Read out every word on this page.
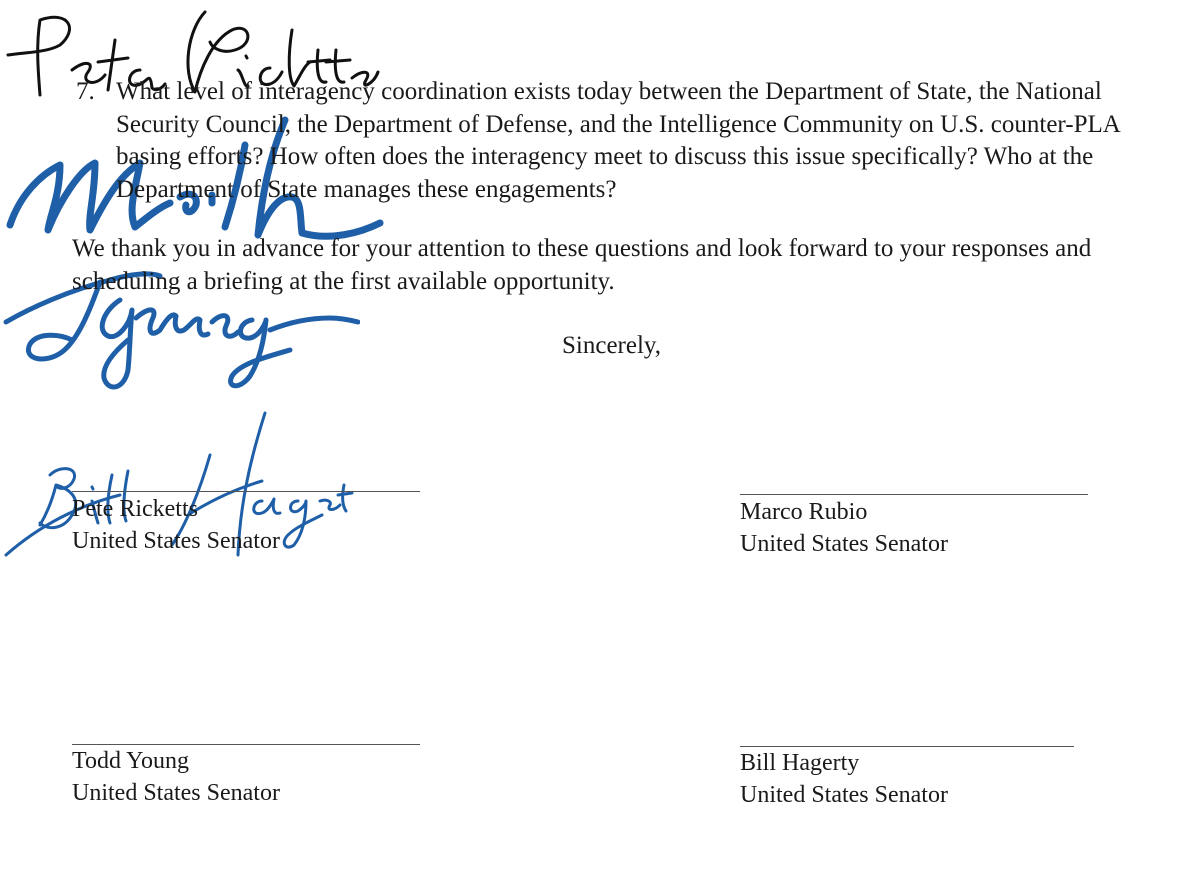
7. What level of interagency coordination exists today between the Department of State, the National Security Council, the Department of Defense, and the Intelligence Community on U.S. counter-PLA basing efforts? How often does the interagency meet to discuss this issue specifically? Who at the Department of State manages these engagements?
We thank you in advance for your attention to these questions and look forward to your responses and scheduling a briefing at the first available opportunity.
Sincerely,
Pete Ricketts
United States Senator
Marco Rubio
United States Senator
Todd Young
United States Senator
Bill Hagerty
United States Senator
